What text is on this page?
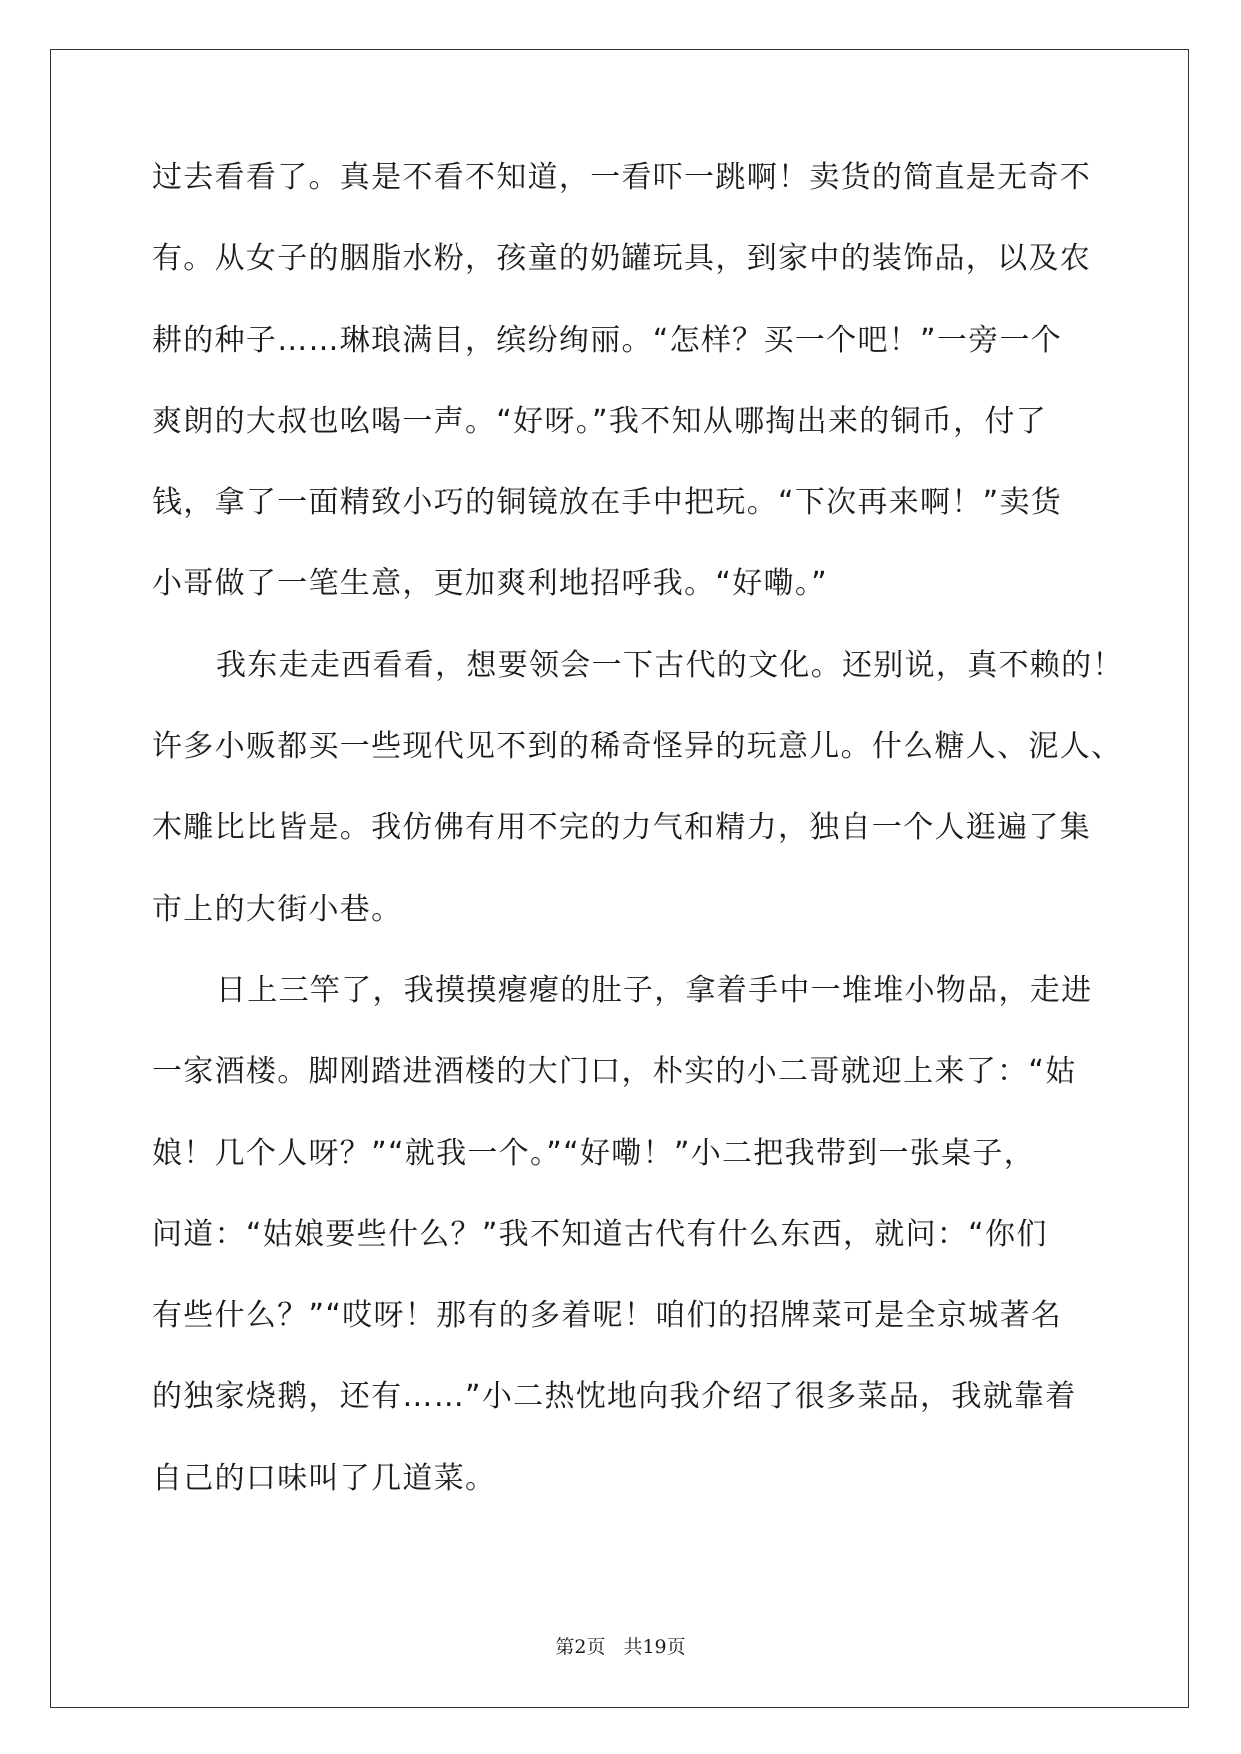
过去看看了。真是不看不知道，一看吓一跳啊！卖货的简直是无奇不
有。从女子的胭脂水粉，孩童的奶罐玩具，到家中的装饰品，以及农
耕的种子……琳琅满目，缤纷绚丽。“怎样？买一个吧！”一旁一个
爽朗的大叔也吆喝一声。“好呀。”我不知从哪掏出来的铜币，付了
钱，拿了一面精致小巧的铜镜放在手中把玩。“下次再来啊！”卖货
小哥做了一笔生意，更加爽利地招呼我。“好嘞。”
我东走走西看看，想要领会一下古代的文化。还别说，真不赖的！
许多小贩都买一些现代见不到的稀奇怪异的玩意儿。什么糖人、泥人、
木雕比比皆是。我仿佛有用不完的力气和精力，独自一个人逛遍了集
市上的大街小巷。
日上三竿了，我摸摸瘪瘪的肚子，拿着手中一堆堆小物品，走进
一家酒楼。脚刚踏进酒楼的大门口，朴实的小二哥就迎上来了：“姑
娘！几个人呀？”“就我一个。”“好嘞！”小二把我带到一张桌子，
问道：“姑娘要些什么？”我不知道古代有什么东西，就问：“你们
有些什么？”“哎呀！那有的多着呢！咱们的招牌菜可是全京城著名
的独家烧鹅，还有……”小二热忱地向我介绍了很多菜品，我就靠着
自己的口味叫了几道菜。
第2页 共19页
